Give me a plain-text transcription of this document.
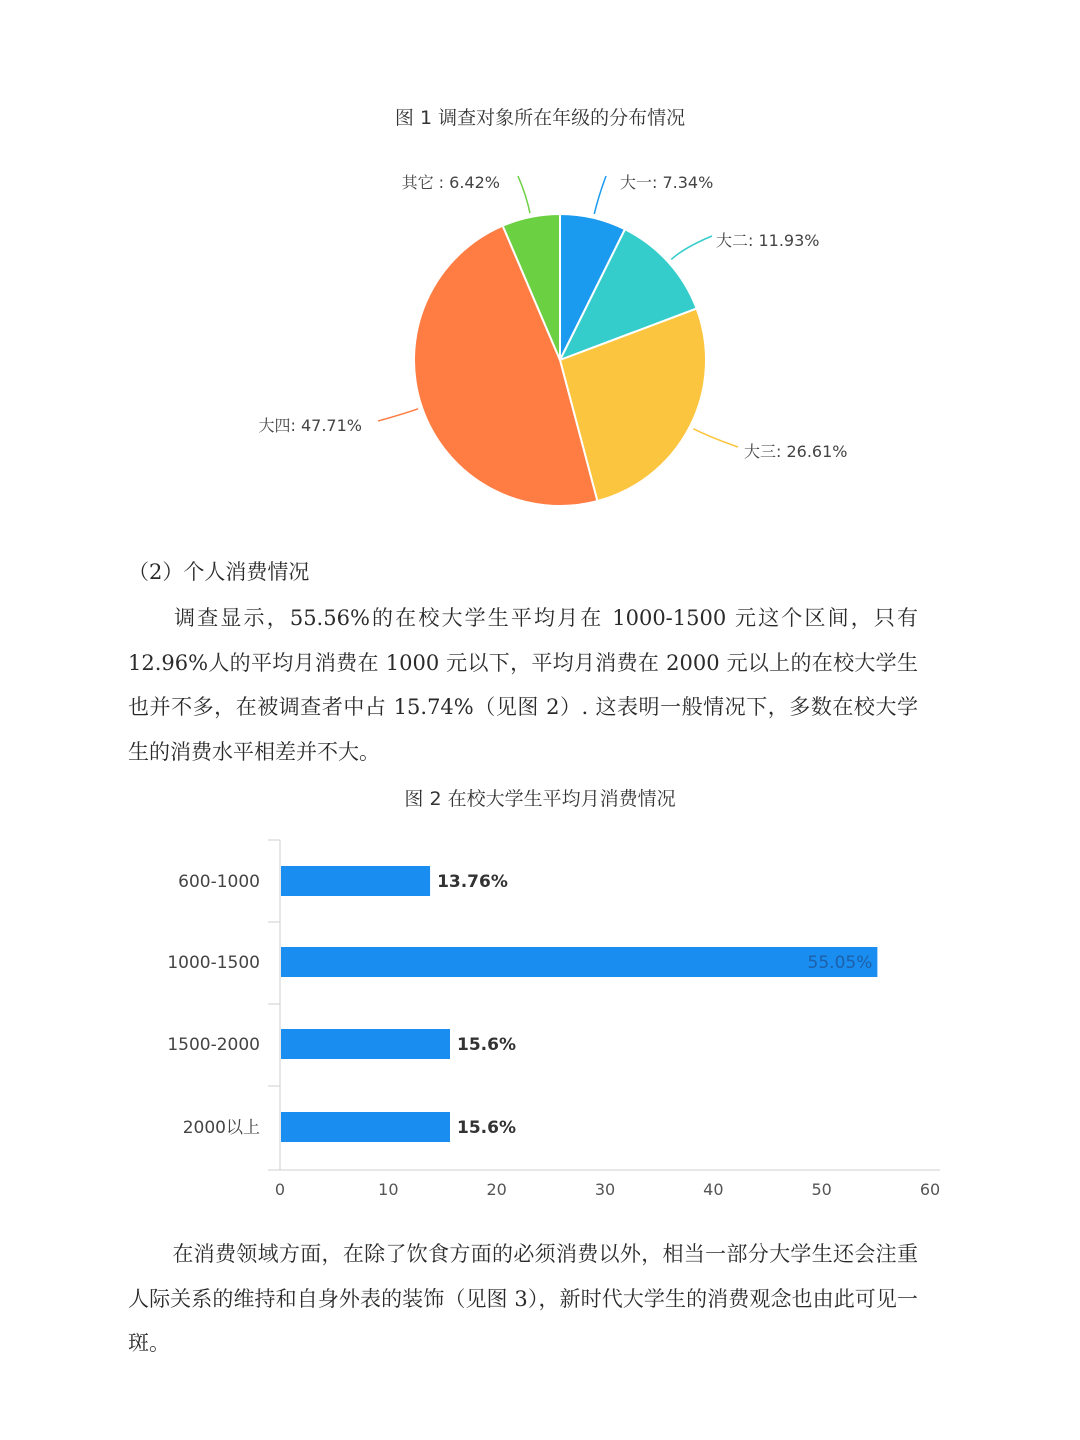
图 1 调查对象所在年级的分布情况
大一: 7.34%
大二: 11.93%
大三: 26.61%
大四: 47.71%
其它 : 6.42%
（2）个人消费情况
调查显示，55.56%的在校大学生平均月在 1000-1500 元这个区间，只有 12.96%人的平均月消费在 1000 元以下，平均月消费在 2000 元以上的在校大学生也并不多，在被调查者中占 15.74%（见图 2）. 这表明一般情况下，多数在校大学生的消费水平相差并不大。
图 2 在校大学生平均月消费情况
600-1000
1000-1500
1500-2000
2000以上
13.76%
55.05%
15.6%
15.6%
0	10	20	30	40	50	60
在消费领域方面，在除了饮食方面的必须消费以外，相当一部分大学生还会注重人际关系的维持和自身外表的装饰（见图 3），新时代大学生的消费观念也由此可见一斑。
